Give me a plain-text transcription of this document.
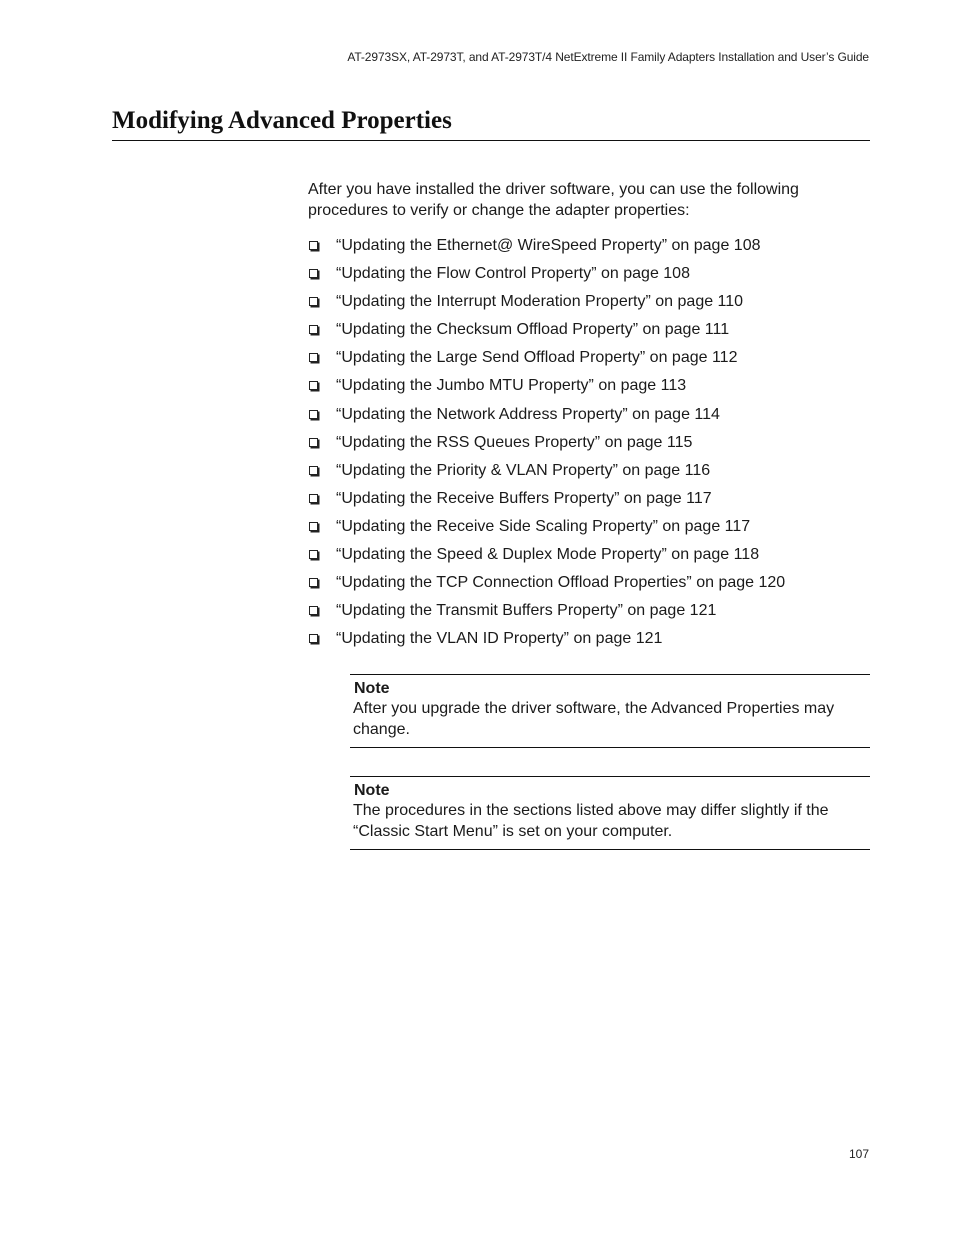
AT-2973SX, AT-2973T, and AT-2973T/4 NetExtreme II Family Adapters Installation and User’s Guide
Modifying Advanced Properties

After you have installed the driver software, you can use the following procedures to verify or change the adapter properties:

“Updating the Ethernet@ WireSpeed Property” on page 108
“Updating the Flow Control Property” on page 108
“Updating the Interrupt Moderation Property” on page 110
“Updating the Checksum Offload Property” on page 111
“Updating the Large Send Offload Property” on page 112
“Updating the Jumbo MTU Property” on page 113
“Updating the Network Address Property” on page 114
“Updating the RSS Queues Property” on page 115
“Updating the Priority & VLAN Property” on page 116
“Updating the Receive Buffers Property” on page 117
“Updating the Receive Side Scaling Property” on page 117
“Updating the Speed & Duplex Mode Property” on page 118
“Updating the TCP Connection Offload Properties” on page 120
“Updating the Transmit Buffers Property” on page 121
“Updating the VLAN ID Property” on page 121
Note
After you upgrade the driver software, the Advanced Properties may change.
Note
The procedures in the sections listed above may differ slightly if the “Classic Start Menu” is set on your computer.
107
